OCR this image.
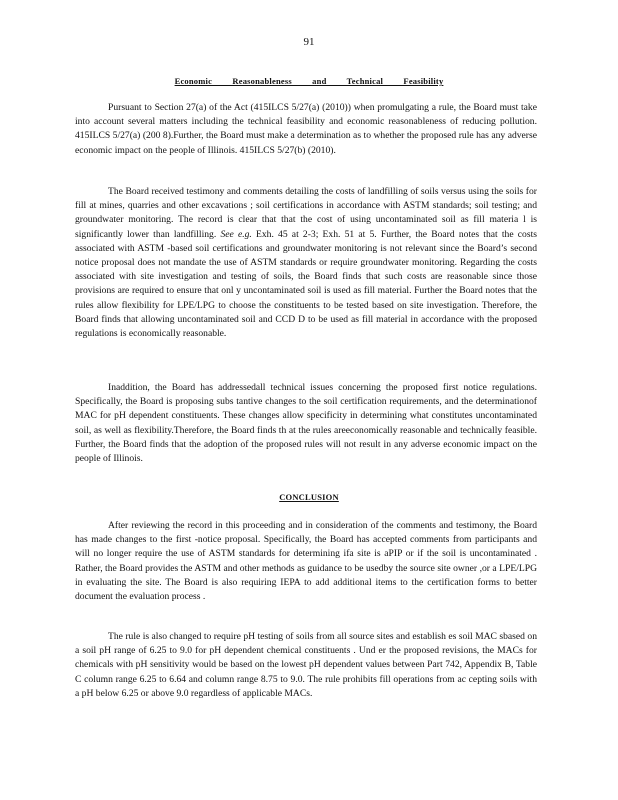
91
Economic Reasonableness and Technical Feasibility

Pursuant to Section 27(a) of the Act (415ILCS 5/27(a) (2010)) when promulgating a rule, the Board must take into account several matters including the technical feasibility and economic reasonableness of reducing pollution. 415ILCS 5/27(a) (200 8).Further, the Board must make a determination as to whether the proposed rule has any adverse economic impact on the people of Illinois. 415ILCS 5/27(b) (2010).

The Board received testimony and comments detailing the costs of landfilling of soils versus using the soils for fill at mines, quarries and other excavations ; soil certifications in accordance with ASTM standards; soil testing; and groundwater monitoring. The record is clear that that the cost of using uncontaminated soil as fill materia l is significantly lower than landfilling. See e.g. Exh. 45 at 2-3; Exh. 51 at 5. Further, the Board notes that the costs associated with ASTM -based soil certifications and groundwater monitoring is not relevant since the Board’s second notice proposal does not mandate the use of ASTM standards or require groundwater monitoring. Regarding the costs associated with site investigation and testing of soils, the Board finds that such costs are reasonable since those provisions are required to ensure that onl y uncontaminated soil is used as fill material. Further the Board notes that the rules allow flexibility for LPE/LPG to choose the constituents to be tested based on site investigation. Therefore, the Board finds that allowing uncontaminated soil and CCD D to be used as fill material in accordance with the proposed regulations is economically reasonable.

Inaddition, the Board has addressedall technical issues concerning the proposed first notice regulations. Specifically, the Board is proposing subs tantive changes to the soil certification requirements, and the determinationof MAC for pH dependent constituents. These changes allow specificity in determining what constitutes uncontaminated soil, as well as flexibility.Therefore, the Board finds th at the rules areeconomically reasonable and technically feasible. Further, the Board finds that the adoption of the proposed rules will not result in any adverse economic impact on the people of Illinois.

After reviewing the record in this proceeding and in consideration of the comments and testimony, the Board has made changes to the first -notice proposal. Specifically, the Board has accepted comments from participants and will no longer require the use of ASTM standards for determining ifa site is aPIP or if the soil is uncontaminated . Rather, the Board provides the ASTM and other methods as guidance to be usedby the source site owner ,or a LPE/LPG in evaluating the site. The Board is also requiring IEPA to add additional items to the certification forms to better document the evaluation process .

The rule is also changed to require pH testing of soils from all source sites and establish es soil MAC sbased on a soil pH range of 6.25 to 9.0 for pH dependent chemical constituents . Und er the proposed revisions, the MACs for chemicals with pH sensitivity would be based on the lowest pH dependent values between Part 742, Appendix B, Table C column range 6.25 to 6.64 and column range 8.75 to 9.0. The rule prohibits fill operations from ac cepting soils with a pH below 6.25 or above 9.0 regardless of applicable MACs.

CONCLUSION
